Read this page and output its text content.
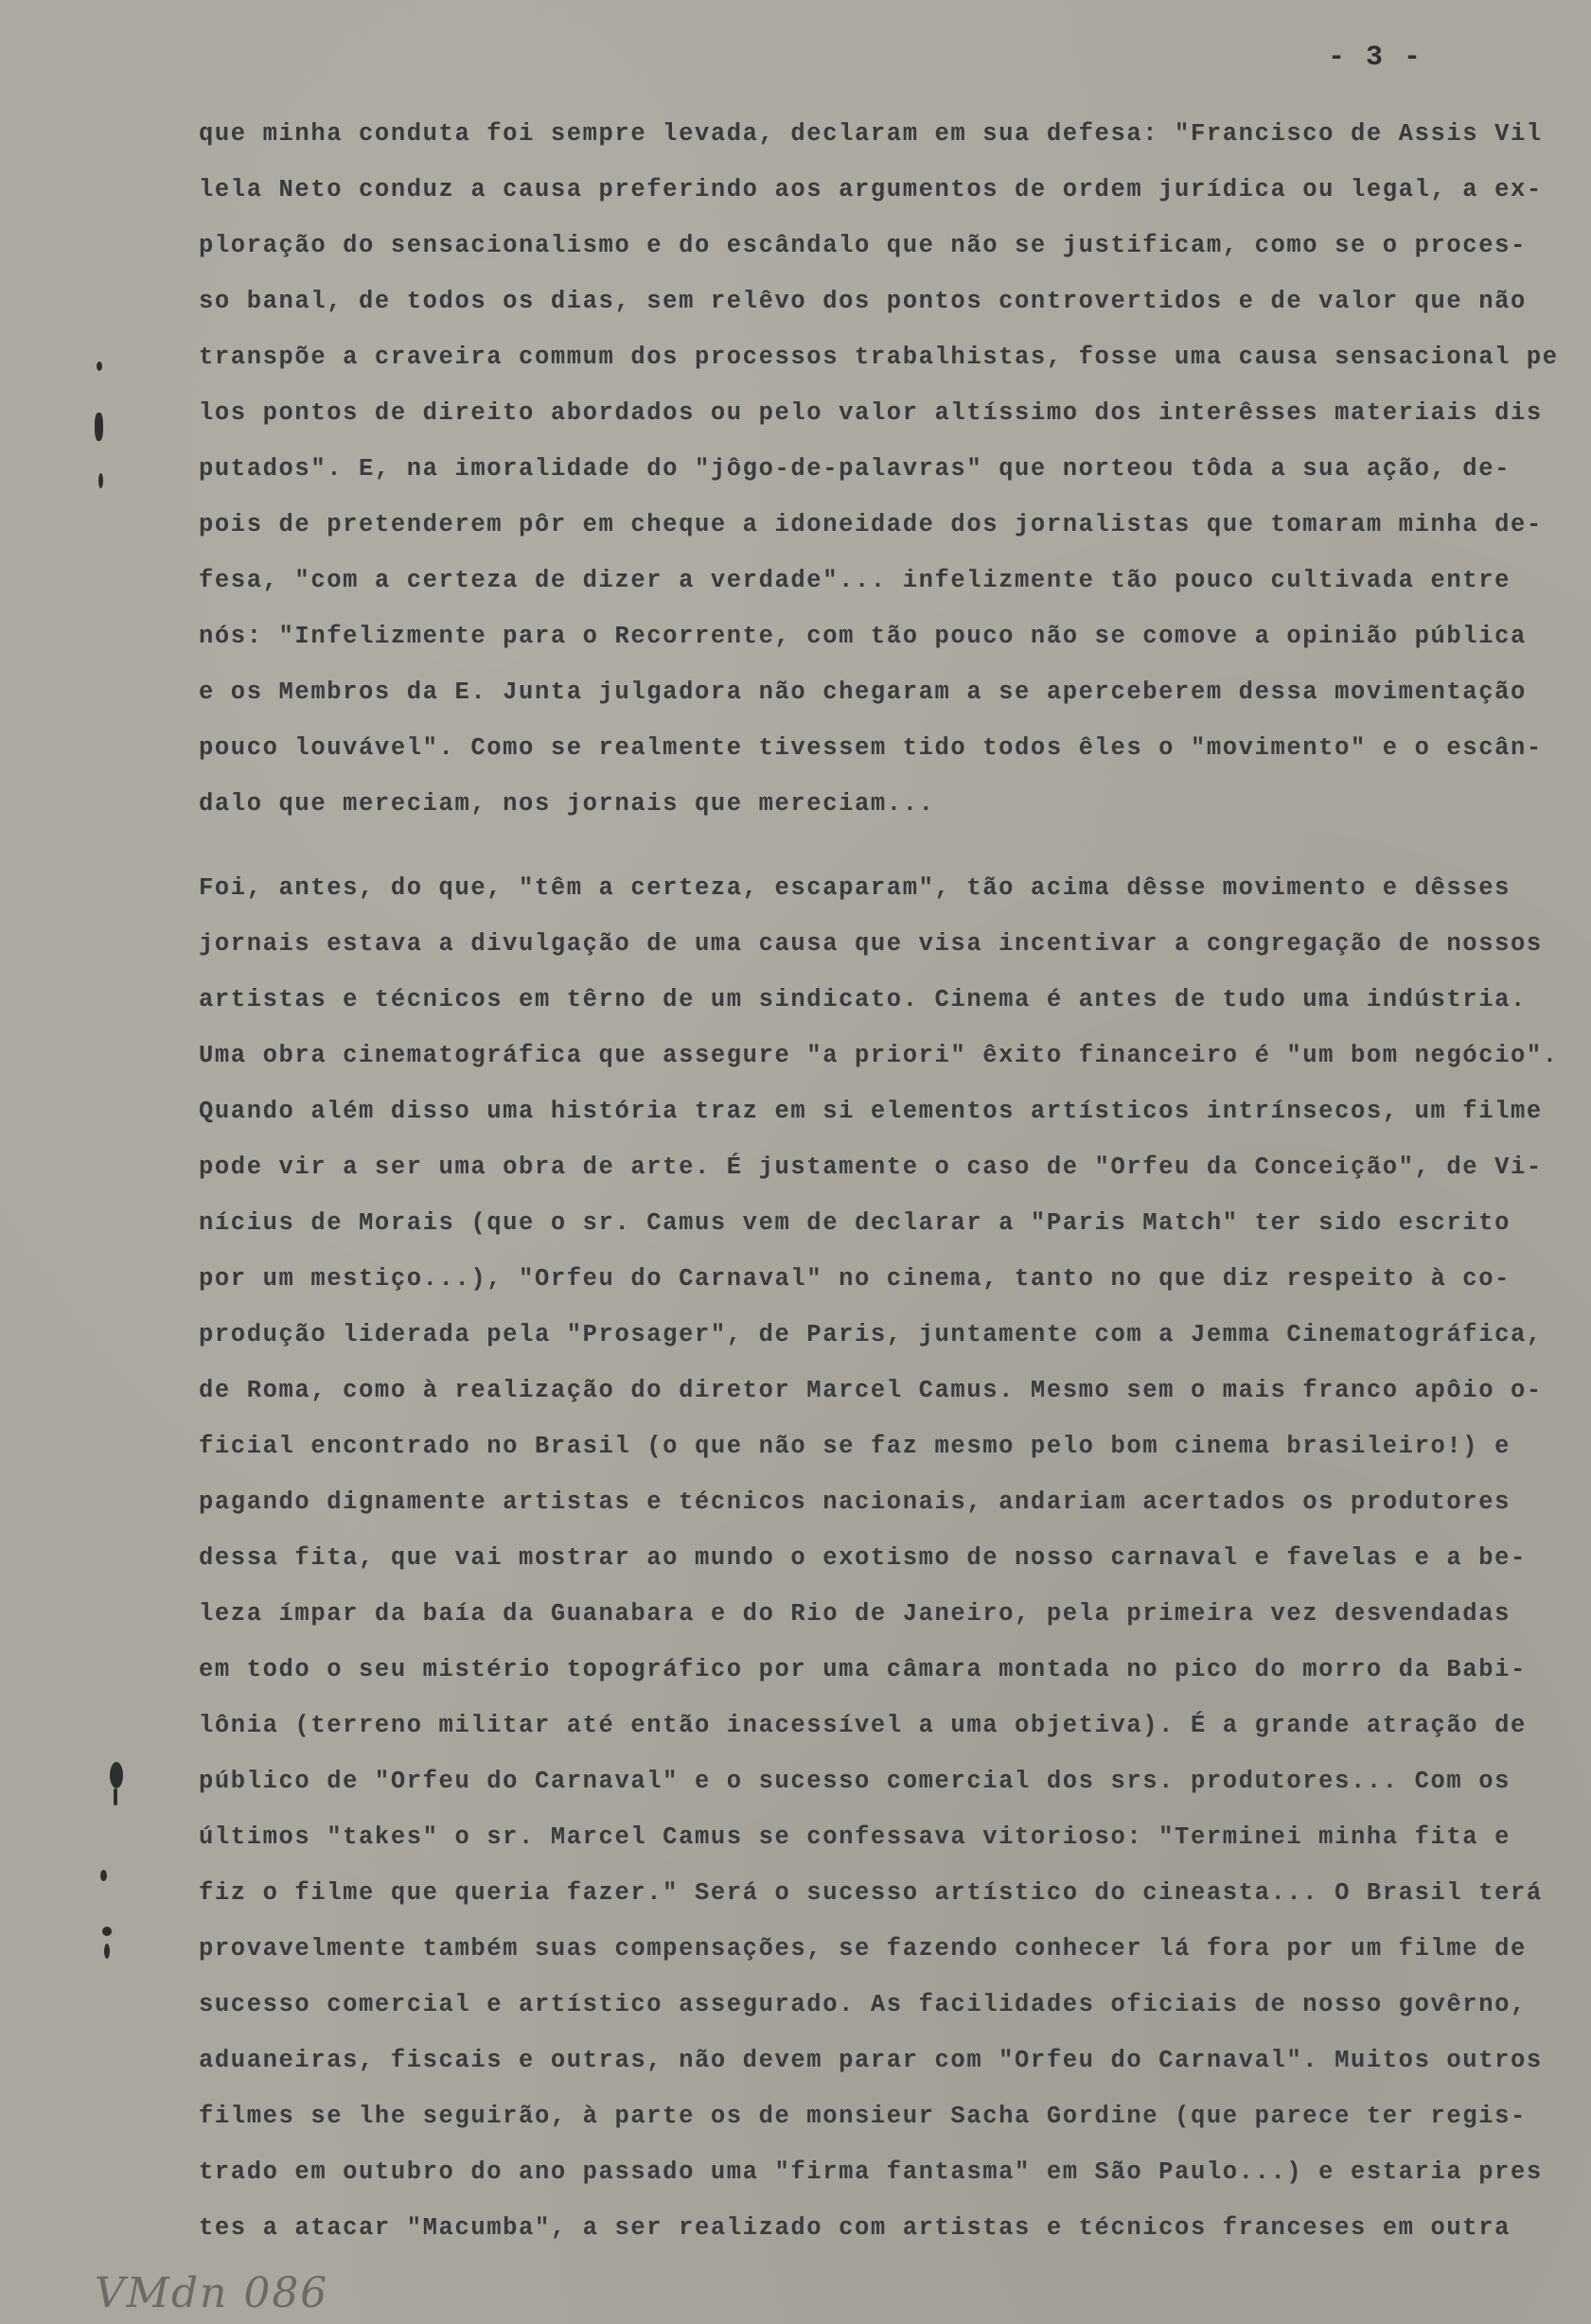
- 3 -
que minha conduta foi sempre levada, declaram em sua defesa: "Francisco de Assis Vil
lela Neto conduz a causa preferindo aos argumentos de ordem jurídica ou legal, a ex-
ploração do sensacionalismo e do escândalo que não se justificam, como se o proces-
so banal, de todos os dias, sem relêvo dos pontos controvertidos e de valor que não
transpõe a craveira commum dos processos trabalhistas, fosse uma causa sensacional pe
los pontos de direito abordados ou pelo valor altíssimo dos interêsses materiais dis
putados". E, na imoralidade do "jôgo-de-palavras" que norteou tôda a sua ação, de-
pois de pretenderem pôr em cheque a idoneidade dos jornalistas que tomaram minha de-
fesa, "com a certeza de dizer a verdade"... infelizmente tão pouco cultivada entre
nós: "Infelizmente para o Recorrente, com tão pouco não se comove a opinião pública
e os Membros da E. Junta julgadora não chegaram a se aperceberem dessa movimentação
pouco louvável". Como se realmente tivessem tido todos êles o "movimento" e o escân-
dalo que mereciam, nos jornais que mereciam...
Foi, antes, do que, "têm a certeza, escaparam", tão acima dêsse movimento e dêsses
jornais estava a divulgação de uma causa que visa incentivar a congregação de nossos
artistas e técnicos em têrno de um sindicato. Cinema é antes de tudo uma indústria.
Uma obra cinematográfica que assegure "a priori" êxito financeiro é "um bom negócio".
Quando além disso uma história traz em si elementos artísticos intrínsecos, um filme
pode vir a ser uma obra de arte. É justamente o caso de "Orfeu da Conceição", de Vi-
nícius de Morais (que o sr. Camus vem de declarar a "Paris Match" ter sido escrito
por um mestiço...), "Orfeu do Carnaval" no cinema, tanto no que diz respeito à co-
produção liderada pela "Prosager", de Paris, juntamente com a Jemma Cinematográfica,
de Roma, como à realização do diretor Marcel Camus. Mesmo sem o mais franco apôio o-
ficial encontrado no Brasil (o que não se faz mesmo pelo bom cinema brasileiro!) e
pagando dignamente artistas e técnicos nacionais, andariam acertados os produtores
dessa fita, que vai mostrar ao mundo o exotismo de nosso carnaval e favelas e a be-
leza ímpar da baía da Guanabara e do Rio de Janeiro, pela primeira vez desvendadas
em todo o seu mistério topográfico por uma câmara montada no pico do morro da Babi-
lônia (terreno militar até então inacessível a uma objetiva). É a grande atração de
público de "Orfeu do Carnaval" e o sucesso comercial dos srs. produtores... Com os
últimos "takes" o sr. Marcel Camus se confessava vitorioso: "Terminei minha fita e
fiz o filme que queria fazer." Será o sucesso artístico do cineasta... O Brasil terá
provavelmente também suas compensações, se fazendo conhecer lá fora por um filme de
sucesso comercial e artístico assegurado. As facilidades oficiais de nosso govêrno,
aduaneiras, fiscais e outras, não devem parar com "Orfeu do Carnaval". Muitos outros
filmes se lhe seguirão, à parte os de monsieur Sacha Gordine (que parece ter regis-
trado em outubro do ano passado uma "firma fantasma" em São Paulo...) e estaria pres
tes a atacar "Macumba", a ser realizado com artistas e técnicos franceses em outra
VMdn 086
